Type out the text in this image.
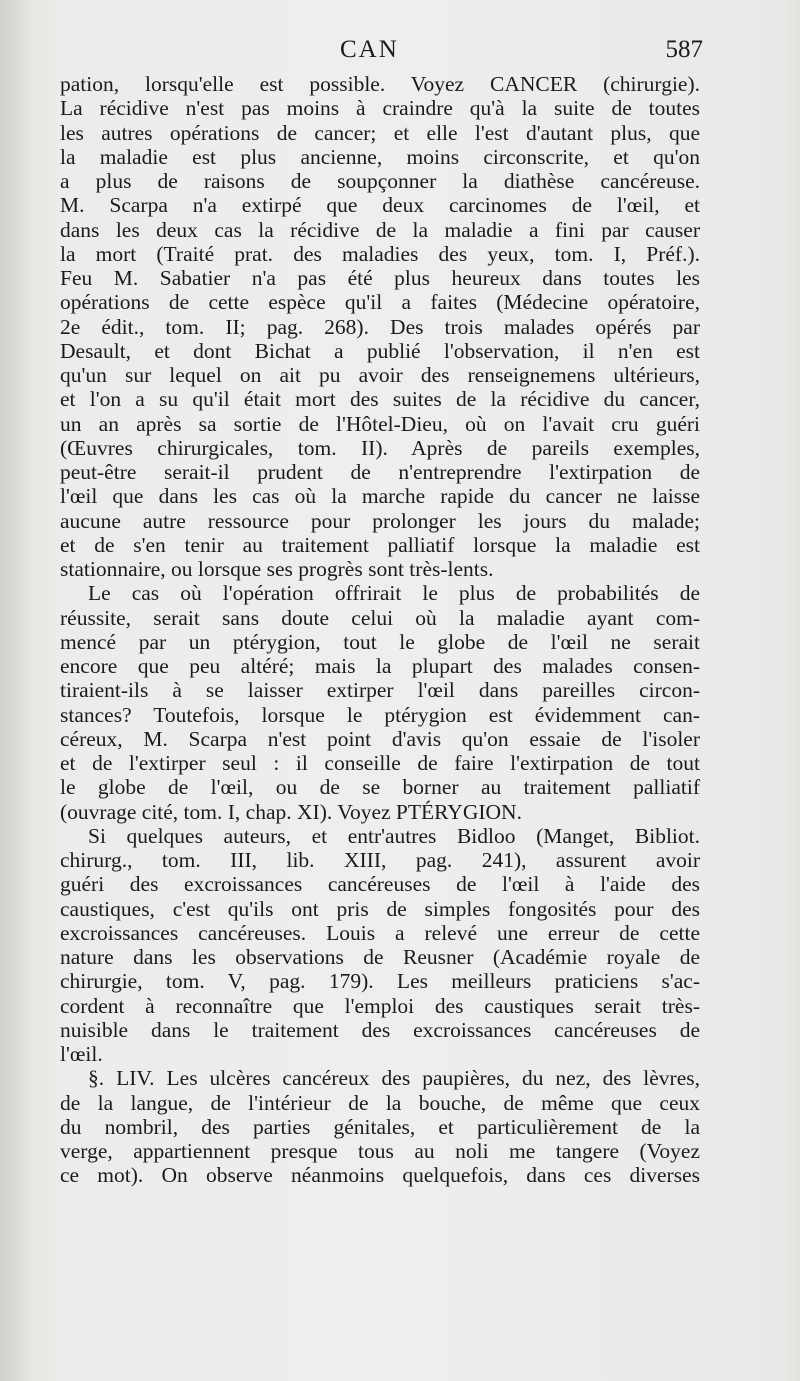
CAN	587
pation, lorsqu'elle est possible. Voyez CANCER (chirurgie).
La récidive n'est pas moins à craindre qu'à la suite de toutes
les autres opérations de cancer; et elle l'est d'autant plus, que
la maladie est plus ancienne, moins circonscrite, et qu'on
a plus de raisons de soupçonner la diathèse cancéreuse.
M. Scarpa n'a extirpé que deux carcinomes de l'œil, et
dans les deux cas la récidive de la maladie a fini par causer
la mort (Traité prat. des maladies des yeux, tom. I, Préf.).
Feu M. Sabatier n'a pas été plus heureux dans toutes les
opérations de cette espèce qu'il a faites (Médecine opératoire,
2e édit., tom. II; pag. 268). Des trois malades opérés par
Desault, et dont Bichat a publié l'observation, il n'en est
qu'un sur lequel on ait pu avoir des renseignemens ultérieurs,
et l'on a su qu'il était mort des suites de la récidive du cancer,
un an après sa sortie de l'Hôtel-Dieu, où on l'avait cru guéri
(Œuvres chirurgicales, tom. II). Après de pareils exemples,
peut-être serait-il prudent de n'entreprendre l'extirpation de
l'œil que dans les cas où la marche rapide du cancer ne laisse
aucune autre ressource pour prolonger les jours du malade;
et de s'en tenir au traitement palliatif lorsque la maladie est
stationnaire, ou lorsque ses progrès sont très-lents.
Le cas où l'opération offrirait le plus de probabilités de
réussite, serait sans doute celui où la maladie ayant com-
mencé par un ptérygion, tout le globe de l'œil ne serait
encore que peu altéré; mais la plupart des malades consen-
tiraient-ils à se laisser extirper l'œil dans pareilles circon-
stances? Toutefois, lorsque le ptérygion est évidemment can-
céreux, M. Scarpa n'est point d'avis qu'on essaie de l'isoler
et de l'extirper seul : il conseille de faire l'extirpation de tout
le globe de l'œil, ou de se borner au traitement palliatif
(ouvrage cité, tom. I, chap. XI). Voyez PTÉRYGION.
Si quelques auteurs, et entr'autres Bidloo (Manget, Bibliot.
chirurg., tom. III, lib. XIII, pag. 241), assurent avoir
guéri des excroissances cancéreuses de l'œil à l'aide des
caustiques, c'est qu'ils ont pris de simples fongosités pour des
excroissances cancéreuses. Louis a relevé une erreur de cette
nature dans les observations de Reusner (Académie royale de
chirurgie, tom. V, pag. 179). Les meilleurs praticiens s'ac-
cordent à reconnaître que l'emploi des caustiques serait très-
nuisible dans le traitement des excroissances cancéreuses de
l'œil.
§. LIV. Les ulcères cancéreux des paupières, du nez, des lèvres,
de la langue, de l'intérieur de la bouche, de même que ceux
du nombril, des parties génitales, et particulièrement de la
verge, appartiennent presque tous au noli me tangere (Voyez
ce mot). On observe néanmoins quelquefois, dans ces diverses
